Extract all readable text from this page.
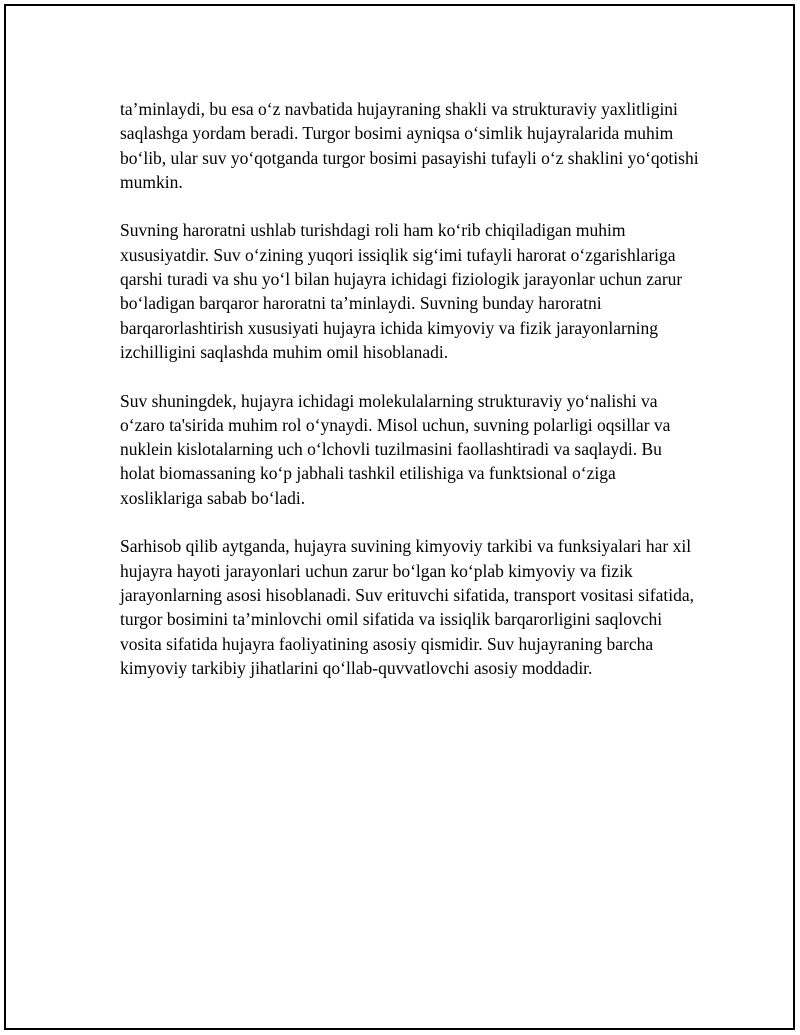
ta’minlaydi, bu esa o‘z navbatida hujayraning shakli va strukturaviy yaxlitligini saqlashga yordam beradi. Turgor bosimi ayniqsa o‘simlik hujayralarida muhim bo‘lib, ular suv yo‘qotganda turgor bosimi pasayishi tufayli o‘z shaklini yo‘qotishi mumkin.

Suvning haroratni ushlab turishdagi roli ham ko‘rib chiqiladigan muhim xususiyatdir. Suv o‘zining yuqori issiqlik sig‘imi tufayli harorat o‘zgarishlariga qarshi turadi va shu yo‘l bilan hujayra ichidagi fiziologik jarayonlar uchun zarur bo‘ladigan barqaror haroratni ta’minlaydi. Suvning bunday haroratni barqarorlashtirish xususiyati hujayra ichida kimyoviy va fizik jarayonlarning izchilligini saqlashda muhim omil hisoblanadi.

Suv shuningdek, hujayra ichidagi molekulalarning strukturaviy yo‘nalishi va o‘zaro ta'sirida muhim rol o‘ynaydi. Misol uchun, suvning polarligi oqsillar va nuklein kislotalarning uch o‘lchovli tuzilmasini faollashtiradi va saqlaydi. Bu holat biomassaning ko‘p jabhali tashkil etilishiga va funktsional o‘ziga xosliklariga sabab bo‘ladi.

Sarhisob qilib aytganda, hujayra suvining kimyoviy tarkibi va funksiyalari har xil hujayra hayoti jarayonlari uchun zarur bo‘lgan ko‘plab kimyoviy va fizik jarayonlarning asosi hisoblanadi. Suv erituvchi sifatida, transport vositasi sifatida, turgor bosimini ta’minlovchi omil sifatida va issiqlik barqarorligini saqlovchi vosita sifatida hujayra faoliyatining asosiy qismidir. Suv hujayraning barcha kimyoviy tarkibiy jihatlarini qo‘llab-quvvatlovchi asosiy moddadir.
